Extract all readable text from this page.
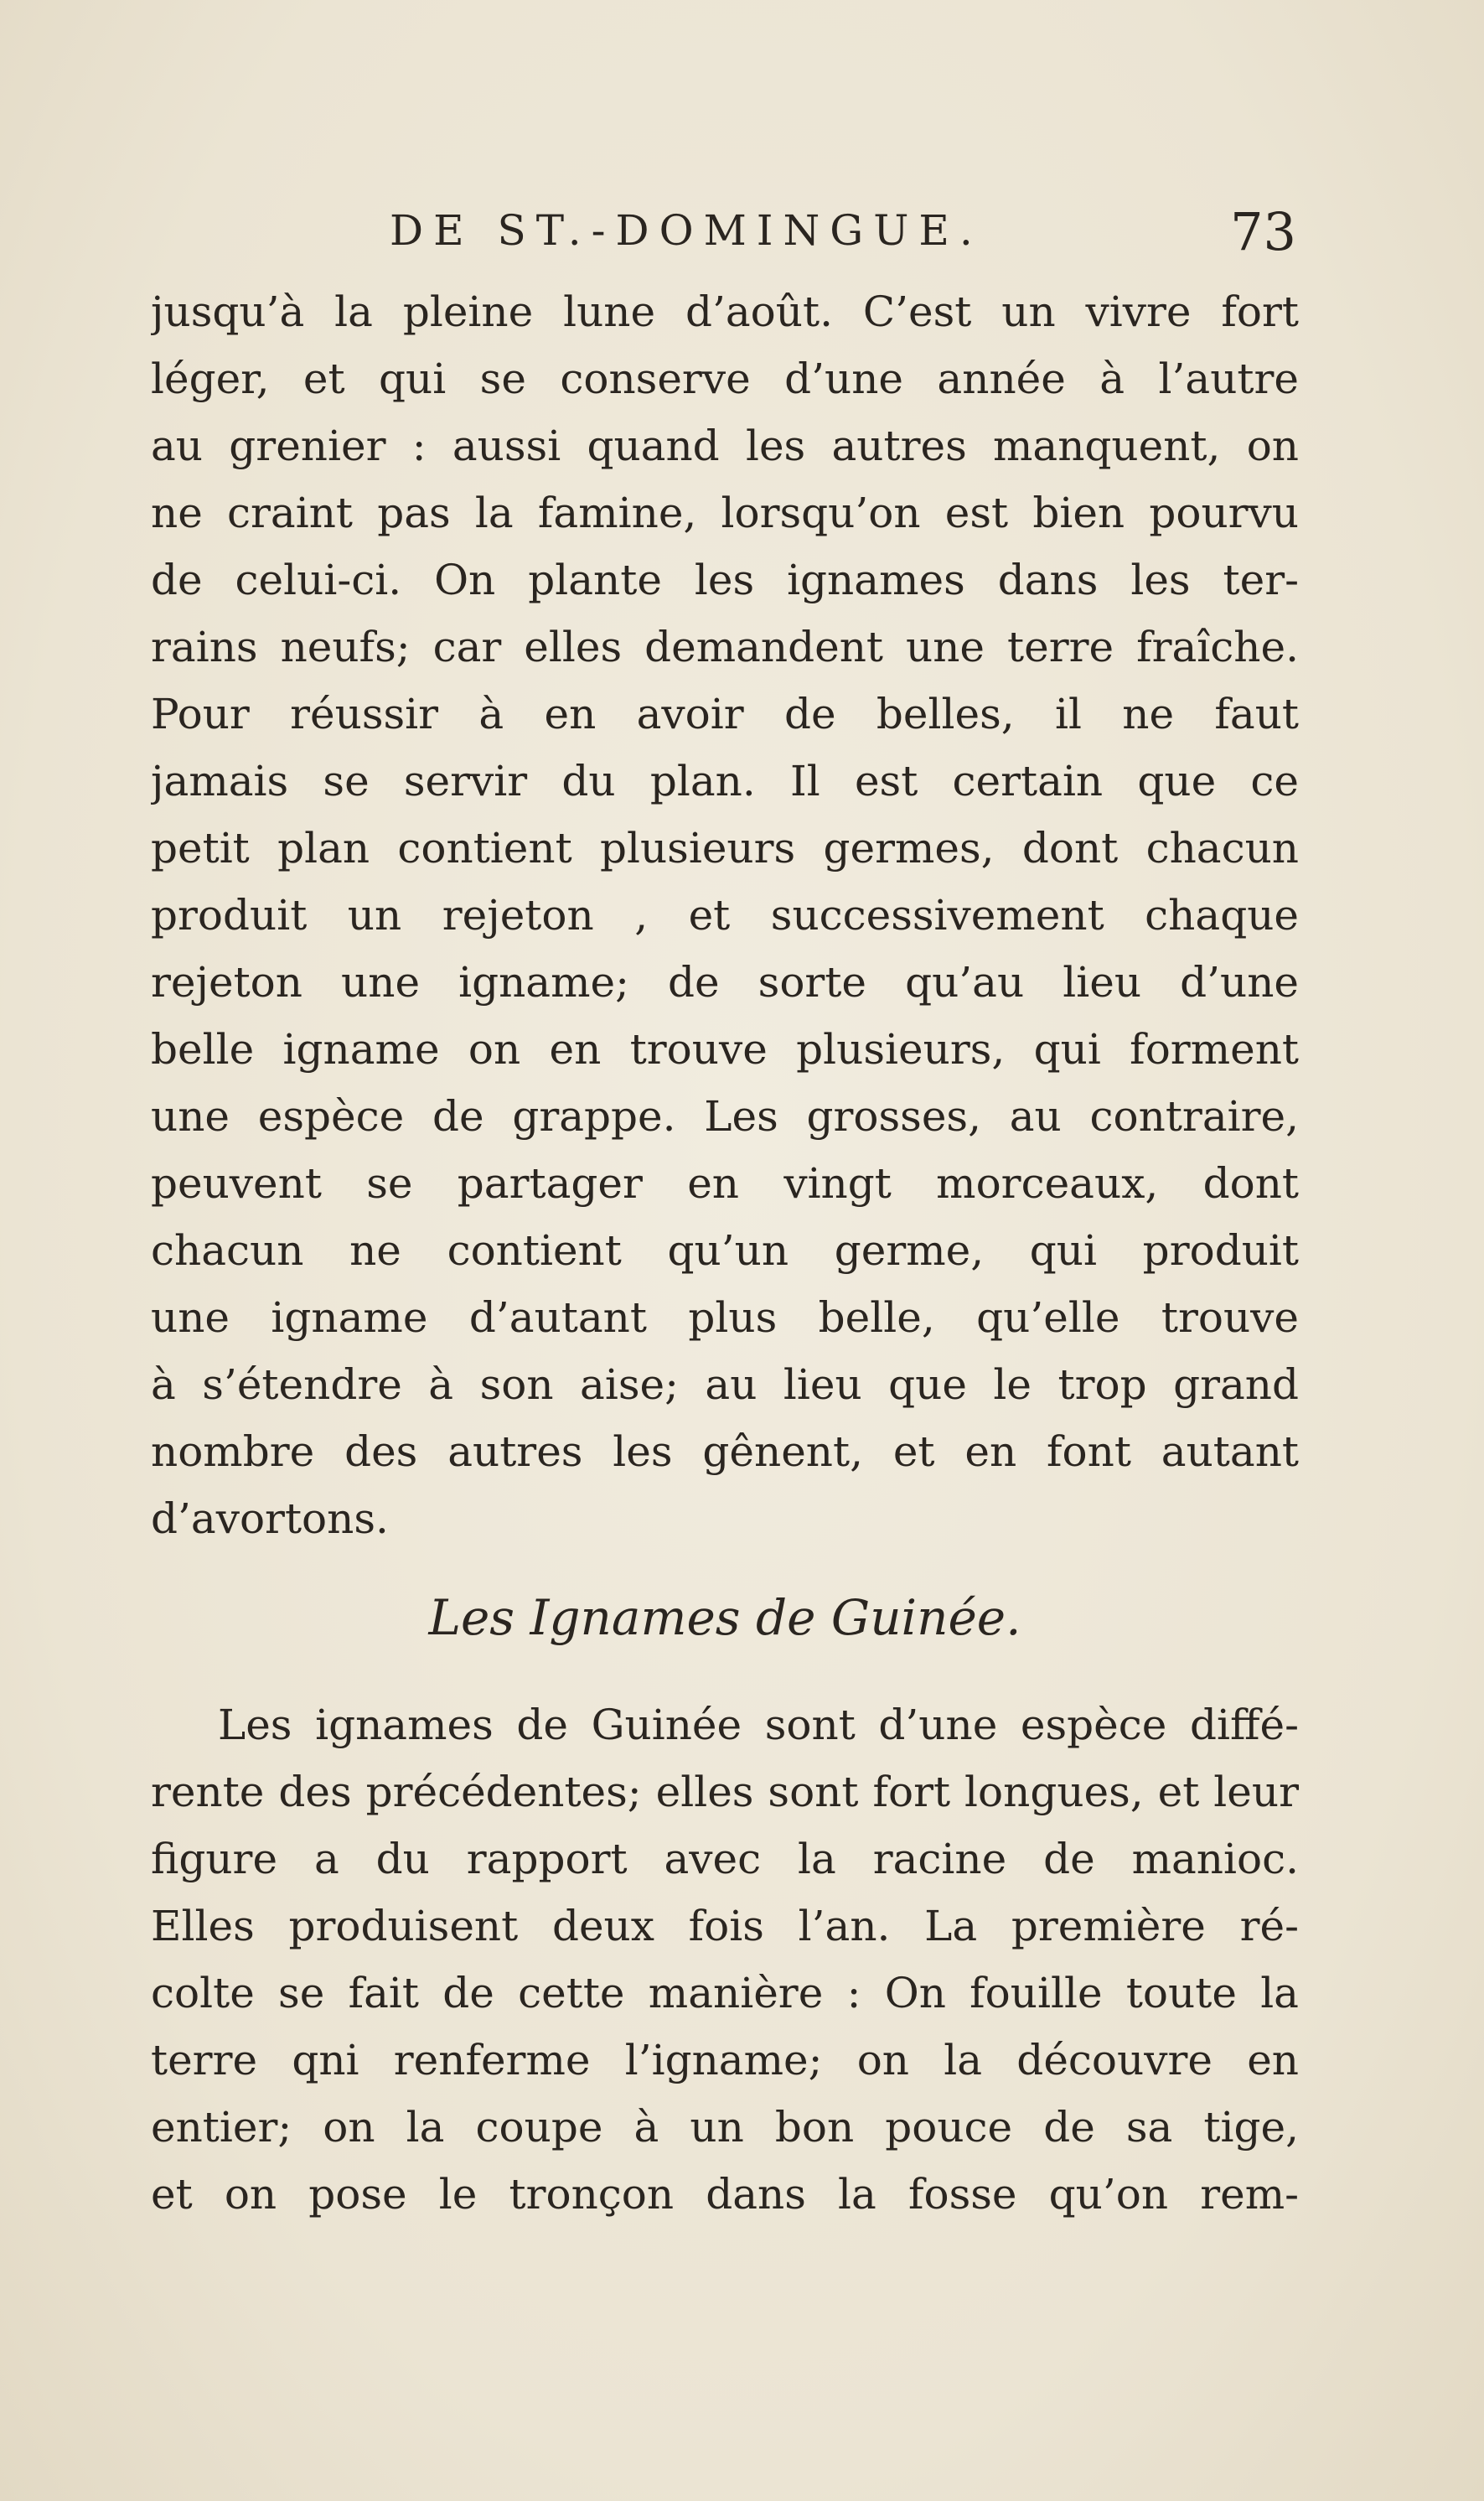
DE ST.-DOMINGUE.	73
jusqu’à la pleine lune d’août. C’est un vivre fort
léger, et qui se conserve d’une année à l’autre
au grenier : aussi quand les autres manquent, on
ne craint pas la famine, lorsqu’on est bien pourvu
de celui-ci. On plante les ignames dans les ter-
rains neufs; car elles demandent une terre fraîche.
Pour réussir à en avoir de belles, il ne faut
jamais se servir du plan. Il est certain que ce
petit plan contient plusieurs germes, dont chacun
produit un rejeton , et successivement chaque
rejeton une igname; de sorte qu’au lieu d’une
belle igname on en trouve plusieurs, qui forment
une espèce de grappe. Les grosses, au contraire,
peuvent se partager en vingt morceaux, dont
chacun ne contient qu’un germe, qui produit
une igname d’autant plus belle, qu’elle trouve
à s’étendre à son aise; au lieu que le trop grand
nombre des autres les gênent, et en font autant
d’avortons.
Les Ignames de Guinée.
Les ignames de Guinée sont d’une espèce diffé-
rente des précédentes; elles sont fort longues, et leur
figure a du rapport avec la racine de manioc.
Elles produisent deux fois l’an. La première ré-
colte se fait de cette manière : On fouille toute la
terre qni renferme l’igname; on la découvre en
entier; on la coupe à un bon pouce de sa tige,
et on pose le tronçon dans la fosse qu’on rem-
